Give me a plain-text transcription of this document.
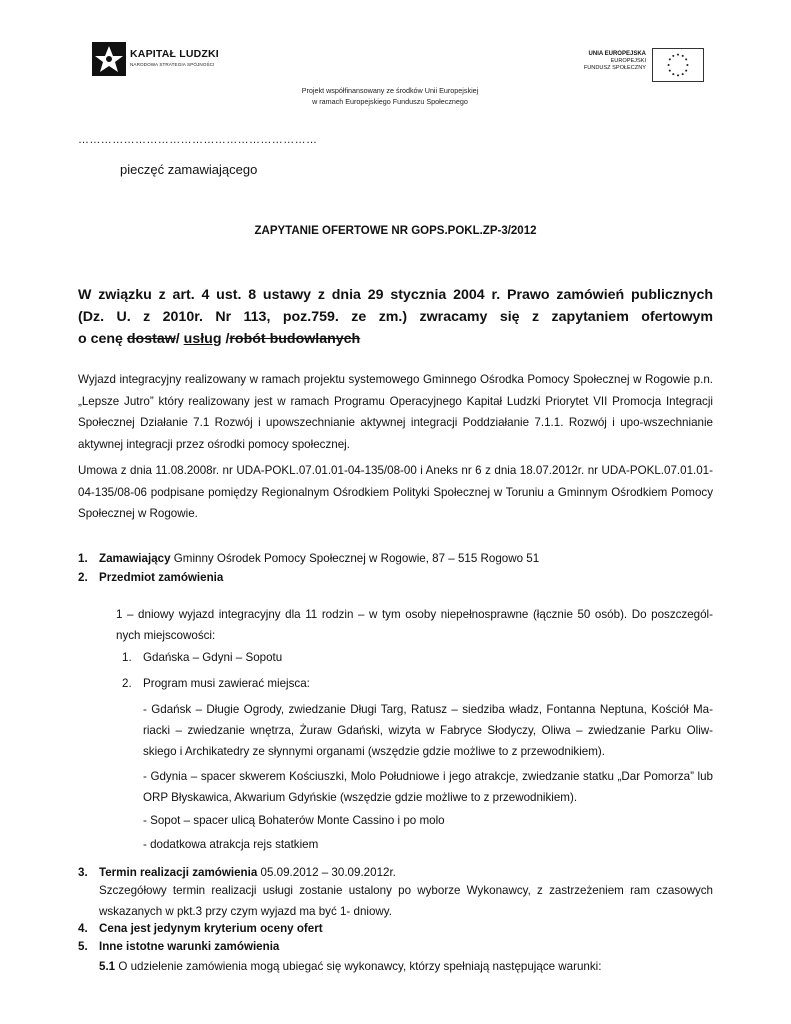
KAPITAŁ LUDZKI
NARODOWA STRATEGIA SPÓJNOŚCI
UNIA EUROPEJSKA
EUROPEJSKI
FUNDUSZ SPOŁECZNY
Projekt współfinansowany ze środków Unii Europejskiej
w ramach Europejskiego Funduszu Społecznego
………………………………………………………
pieczęć zamawiającego
ZAPYTANIE OFERTOWE NR GOPS.POKL.ZP-3/2012
W związku z art. 4 ust. 8 ustawy z dnia 29 stycznia 2004 r. Prawo zamówień publicznych
(Dz. U. z 2010r. Nr 113, poz.759. ze zm.) zwracamy się z zapytaniem ofertowym
o cenę dostaw/ usług /robót budowlanych
Wyjazd integracyjny realizowany w ramach projektu systemowego Gminnego Ośrodka Pomocy Społecznej w Rogowie p.n.„Lepsze Jutro” który realizowany jest w ramach Programu Operacyjnego Kapitał Ludzki Priorytet VII Promocja Integracji Społecznej Działanie 7.1 Rozwój i upowszechnianie aktywnej integracji Poddziałanie 7.1.1. Rozwój i upo-wszechnianie aktywnej integracji przez ośrodki pomocy społecznej.
Umowa z dnia 11.08.2008r. nr UDA-POKL.07.01.01-04-135/08-00 i Aneks nr 6 z dnia 18.07.2012r. nr UDA-POKL.07.01.01-04-135/08-06 podpisane pomiędzy Regionalnym Ośrodkiem Polityki Społecznej w Toruniu a Gminnym Ośrodkiem Pomocy Społecznej w Rogowie.
1. Zamawiający Gminny Ośrodek Pomocy Społecznej w Rogowie, 87 – 515 Rogowo 51
2. Przedmiot zamówienia
1 – dniowy wyjazd integracyjny dla 11 rodzin – w tym osoby niepełnosprawne (łącznie 50 osób). Do poszczegól-nych miejscowości:
1. Gdańska – Gdyni – Sopotu
2. Program musi zawierać miejsca:
- Gdańsk – Długie Ogrody, zwiedzanie Długi Targ, Ratusz – siedziba władz, Fontanna Neptuna, Kościół Ma-riacki – zwiedzanie wnętrza, Żuraw Gdański, wizyta w Fabryce Słodyczy, Oliwa – zwiedzanie Parku Oliw-skiego i Archikatedry ze słynnymi organami (wszędzie gdzie możliwe to z przewodnikiem).
- Gdynia – spacer skwerem Kościuszki, Molo Południowe i jego atrakcje, zwiedzanie statku „Dar Pomorza” lub ORP Błyskawica, Akwarium Gdyńskie (wszędzie gdzie możliwe to z przewodnikiem).
- Sopot – spacer ulicą Bohaterów Monte Cassino i po molo
- dodatkowa atrakcja rejs statkiem
3. Termin realizacji zamówienia 05.09.2012 – 30.09.2012r.
Szczegółowy termin realizacji usługi zostanie ustalony po wyborze Wykonawcy, z zastrzeżeniem ram czasowych wskazanych w pkt.3 przy czym wyjazd ma być 1- dniowy.
4. Cena jest jedynym kryterium oceny ofert
5. Inne istotne warunki zamówienia
5.1 O udzielenie zamówienia mogą ubiegać się wykonawcy, którzy spełniają następujące warunki:
